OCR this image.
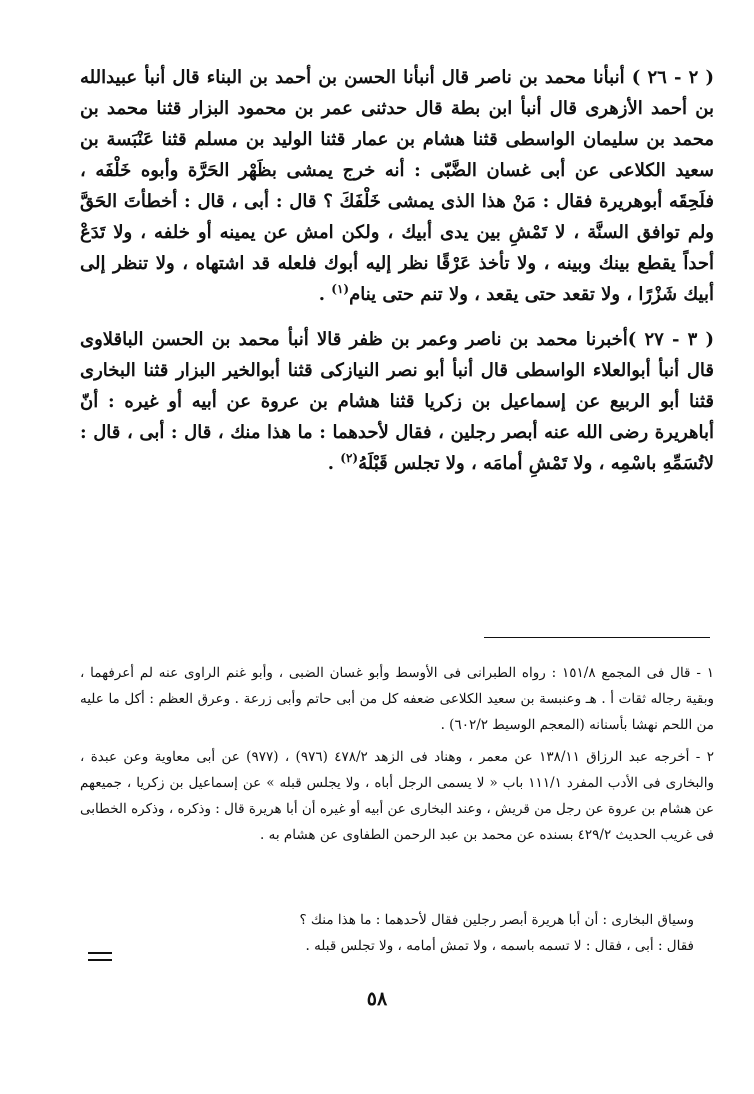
( ٢ - ٢٦ ) أنبأنا محمد بن ناصر قال أنبأنا الحسن بن أحمد بن البناء قال أنبأ عبيدالله بن أحمد الأزهرى قال أنبأ ابن بطة قال حدثنى عمر بن محمود البزار قثنا محمد بن محمد بن سليمان الواسطى قثنا هشام بن عمار قثنا الوليد بن مسلم قثنا عَنْبَسة بن سعيد الكلاعى عن أبى غسان الضَّبّى : أنه خرج يمشى بظَهْر الحَرَّة وأبوه خَلْفَه ، فلَحِقَه أبوهريرة فقال : مَنْ هذا الذى يمشى خَلْفَكَ ؟ قال : أبى ، قال : أخطأتَ الحَقَّ ولم توافق السنَّة ، لا تَمْشِ بين يدى أبيك ، ولكن امش عن يمينه أو خلفه ، ولا تَدَعْ أحداً يقطع بينك وبينه ، ولا تأخذ عَرْقًا نظر إليه أبوك فلعله قد اشتهاه ، ولا تنظر إلى أبيك شَزْرًا ، ولا تقعد حتى يقعد ، ولا تنم حتى ينام$^{(١)}$ .

( ٣ - ٢٧ )أخبرنا محمد بن ناصر وعمر بن ظفر قالا أنبأ محمد بن الحسن الباقلاوى قال أنبأ أبوالعلاء الواسطى قال أنبأ أبو نصر النيازكى قثنا أبوالخير البزار قثنا البخارى قثنا أبو الربيع عن إسماعيل بن زكريا قثنا هشام بن عروة عن أبيه أو غيره : أنّ أباهريرة رضى الله عنه أبصر رجلين ، فقال لأحدهما : ما هذا منك ، قال : أبى ، قال : لاتُسَمِّهِ باسْمِه ، ولا تَمْشِ أمامَه ، ولا تجلس قَبْلَهُ$^{(٢)}$ .

١ - قال فى المجمع ١٥١/٨ : رواه الطبرانى فى الأوسط وأبو غسان الضبى ، وأبو غنم الراوى عنه لم أعرفهما ، وبقية رجاله ثقات أ . هـ وعنبسة بن سعيد الكلاعى ضعفه كل من أبى حاتم وأبى زرعة . وعرق العظم : أكل ما عليه من اللحم نهشا بأسنانه (المعجم الوسيط ٦٠٢/٢) .

٢ - أخرجه عبد الرزاق ١٣٨/١١ عن معمر ، وهناد فى الزهد ٤٧٨/٢ (٩٧٦) ، (٩٧٧) عن أبى معاوية وعن عبدة ، والبخارى فى الأدب المفرد ١١١/١ باب « لا يسمى الرجل أباه ، ولا يجلس قبله » عن إسماعيل بن زكريا ، جميعهم عن هشام بن عروة عن رجل من قريش ، وعند البخارى عن أبيه أو غيره أن أبا هريرة قال : وذكره ، وذكره الخطابى فى غريب الحديث ٤٢٩/٢ بسنده عن محمد بن عبد الرحمن الطفاوى عن هشام به .

وسياق البخارى : أن أبا هريرة أبصر رجلين فقال لأحدهما : ما هذا منك ؟

فقال : أبى ، فقال : لا تسمه باسمه ، ولا تمش أمامه ، ولا تجلس قبله .

٥٨
